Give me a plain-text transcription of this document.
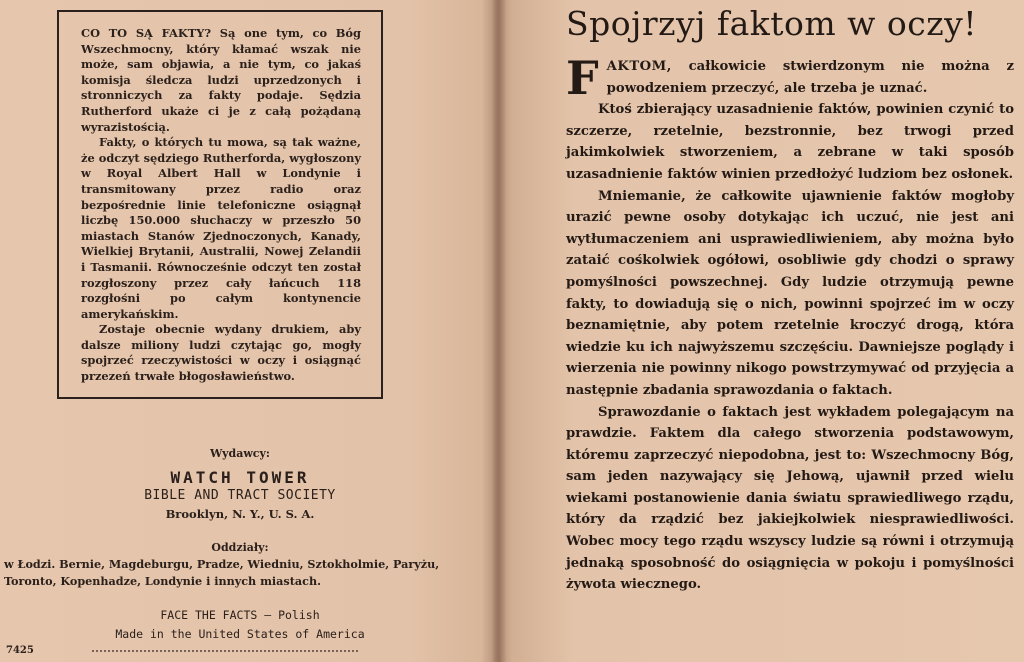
CO TO SĄ FAKTY? Są one tym, co Bóg Wszechmocny, który kłamać wszak nie może, sam objawia, a nie tym, co jakaś komisja śledcza ludzi uprzedzonych i stronniczych za fakty podaje. Sędzia Rutherford ukaże ci je z całą pożądaną wyrazistością.

Fakty, o których tu mowa, są tak ważne, że odczyt sędziego Rutherforda, wygłoszony w Royal Albert Hall w Londynie i transmitowany przez radio oraz bezpośrednie linie telefoniczne osiągnął liczbę 150.000 słuchaczy w przeszło 50 miastach Stanów Zjednoczonych, Kanady, Wielkiej Brytanii, Australii, Nowej Zelandii i Tasmanii. Równocześnie odczyt ten został rozgłoszony przez cały łańcuch 118 rozgłośni po całym kontynencie amerykańskim.

Zostaje obecnie wydany drukiem, aby dalsze miliony ludzi czytając go, mogły spojrzeć rzeczywistości w oczy i osiągnąć przezeń trwałe błogosławieństwo.

Wydawcy:
WATCH TOWER
BIBLE AND TRACT SOCIETY
Brooklyn, N. Y., U. S. A.
Oddziały:
w Łodzi. Bernie, Magdeburgu, Pradze, Wiedniu, Sztokholmie, Paryżu, Toronto, Kopenhadze, Londynie i innych miastach.
FACE THE FACTS — Polish
Made in the United States of America
7425
Spojrzyj faktom w oczy!

FAKTOM, całkowicie stwierdzonym nie można z powodzeniem przeczyć, ale trzeba je uznać.

Ktoś zbierający uzasadnienie faktów, powinien czynić to szczerze, rzetelnie, bezstronnie, bez trwogi przed jakimkolwiek stworzeniem, a zebrane w taki sposób uzasadnienie faktów winien przedłożyć ludziom bez osłonek.

Mniemanie, że całkowite ujawnienie faktów mogłoby urazić pewne osoby dotykając ich uczuć, nie jest ani wytłumaczeniem ani usprawiedliwieniem, aby można było zataić cośkolwiek ogółowi, osobliwie gdy chodzi o sprawy pomyślności powszechnej. Gdy ludzie otrzymują pewne fakty, to dowiadują się o nich, powinni spojrzeć im w oczy beznamiętnie, aby potem rzetelnie kroczyć drogą, która wiedzie ku ich najwyższemu szczęściu. Dawniejsze poglądy i wierzenia nie powinny nikogo powstrzymywać od przyjęcia a następnie zbadania sprawozdania o faktach.

Sprawozdanie o faktach jest wykładem polegającym na prawdzie. Faktem dla całego stworzenia podstawowym, któremu zaprzeczyć niepodobna, jest to: Wszechmocny Bóg, sam jeden nazywający się Jehową, ujawnił przed wielu wiekami postanowienie dania światu sprawiedliwego rządu, który da rządzić bez jakiejkolwiek niesprawiedliwości. Wobec mocy tego rządu wszyscy ludzie są równi i otrzymują jednaką sposobność do osiągnięcia w pokoju i pomyślności żywota wiecznego.
